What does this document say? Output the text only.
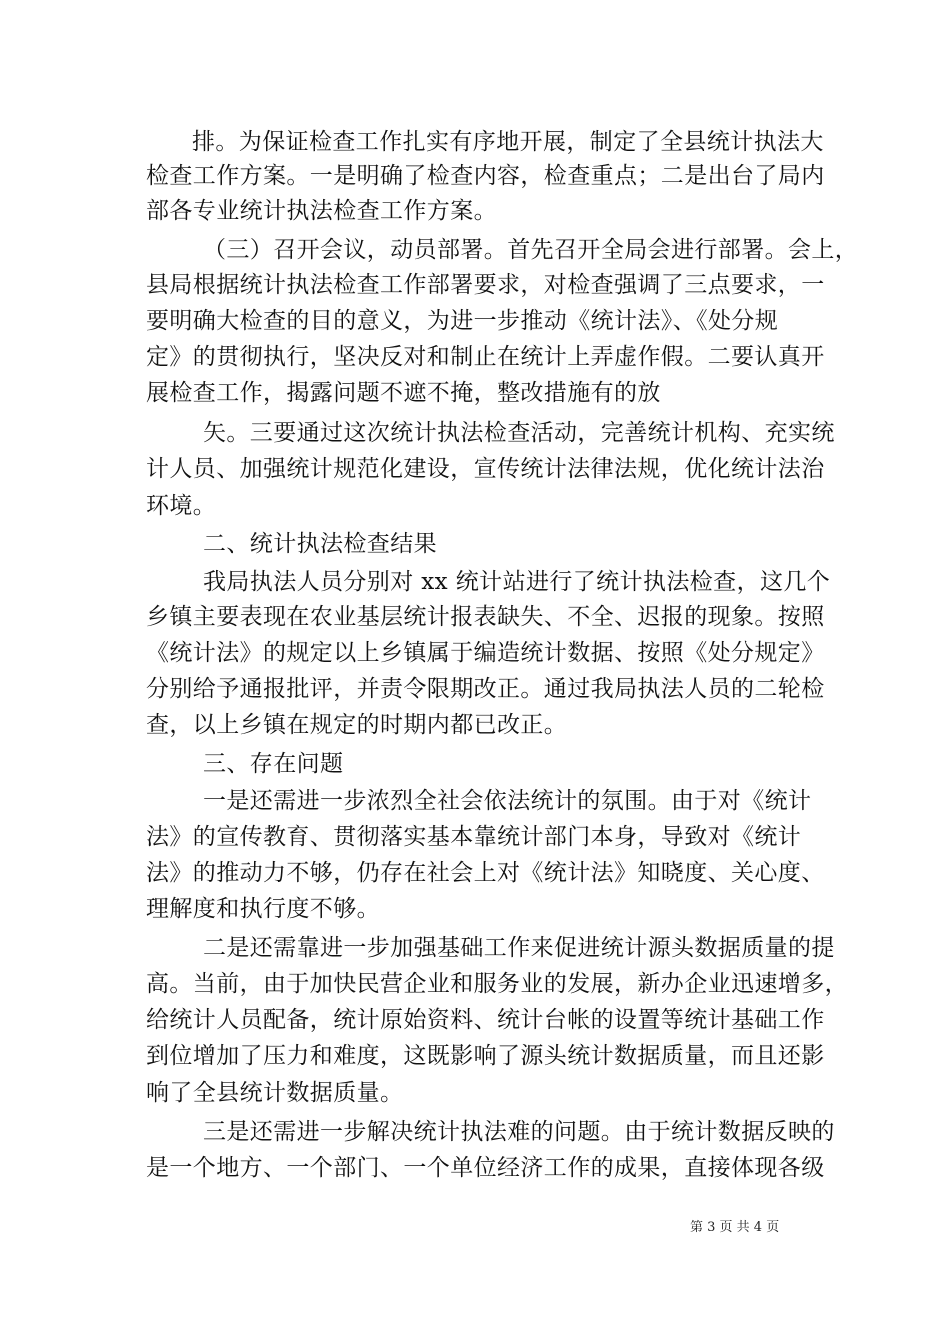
排。为保证检查工作扎实有序地开展，制定了全县统计执法大
检查工作方案。一是明确了检查内容，检查重点；二是出台了局内
部各专业统计执法检查工作方案。
（三）召开会议，动员部署。首先召开全局会进行部署。会上，
县局根据统计执法检查工作部署要求，对检查强调了三点要求，一
要明确大检查的目的意义，为进一步推动《统计法》、《处分规
定》的贯彻执行，坚决反对和制止在统计上弄虚作假。二要认真开
展检查工作，揭露问题不遮不掩，整改措施有的放
矢。三要通过这次统计执法检查活动，完善统计机构、充实统
计人员、加强统计规范化建设，宣传统计法律法规，优化统计法治
环境。
二、统计执法检查结果
我局执法人员分别对 xx 统计站进行了统计执法检查，这几个
乡镇主要表现在农业基层统计报表缺失、不全、迟报的现象。按照
《统计法》的规定以上乡镇属于编造统计数据、按照《处分规定》
分别给予通报批评，并责令限期改正。通过我局执法人员的二轮检
查，以上乡镇在规定的时期内都已改正。
三、存在问题
一是还需进一步浓烈全社会依法统计的氛围。由于对《统计
法》的宣传教育、贯彻落实基本靠统计部门本身，导致对《统计
法》的推动力不够，仍存在社会上对《统计法》知晓度、关心度、
理解度和执行度不够。
二是还需靠进一步加强基础工作来促进统计源头数据质量的提
高。当前，由于加快民营企业和服务业的发展，新办企业迅速增多，
给统计人员配备，统计原始资料、统计台帐的设置等统计基础工作
到位增加了压力和难度，这既影响了源头统计数据质量，而且还影
响了全县统计数据质量。
三是还需进一步解决统计执法难的问题。由于统计数据反映的
是一个地方、一个部门、一个单位经济工作的成果，直接体现各级
第 3 页 共 4 页
